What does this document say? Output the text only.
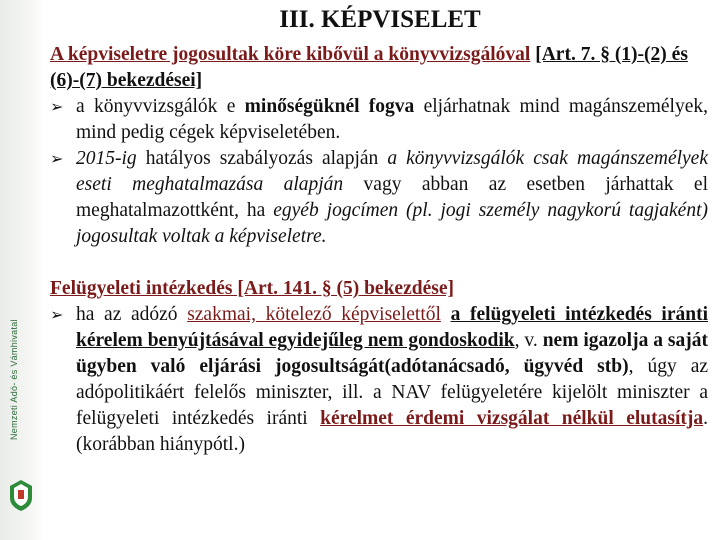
Nemzeti Adó- és Vámhivatal
III. KÉPVISELET
A képviseletre jogosultak köre kibővül a könyvvizsgálóval [Art. 7. § (1)-(2) és (6)-(7) bekezdései]
➢ a könyvvizsgálók e minőségüknél fogva eljárhatnak mind magánszemélyek, mind pedig cégek képviseletében.
➢ 2015-ig hatályos szabályozás alapján a könyvvizsgálók csak magánszemélyek eseti meghatalmazása alapján vagy abban az esetben járhattak el meghatalmazottként, ha egyéb jogcímen (pl. jogi személy nagykorú tagjaként) jogosultak voltak a képviseletre.
Felügyeleti intézkedés [Art. 141. § (5) bekezdése]
➢ ha az adózó szakmai, kötelező képviselettől a felügyeleti intézkedés iránti kérelem benyújtásával egyidejűleg nem gondoskodik, v. nem igazolja a saját ügyben való eljárási jogosultságát(adótanácsadó, ügyvéd stb), úgy az adópolitikáért felelős miniszter, ill. a NAV felügyeletére kijelölt miniszter a felügyeleti intézkedés iránti kérelmet érdemi vizsgálat nélkül elutasítja.(korábban hiánypótl.)
